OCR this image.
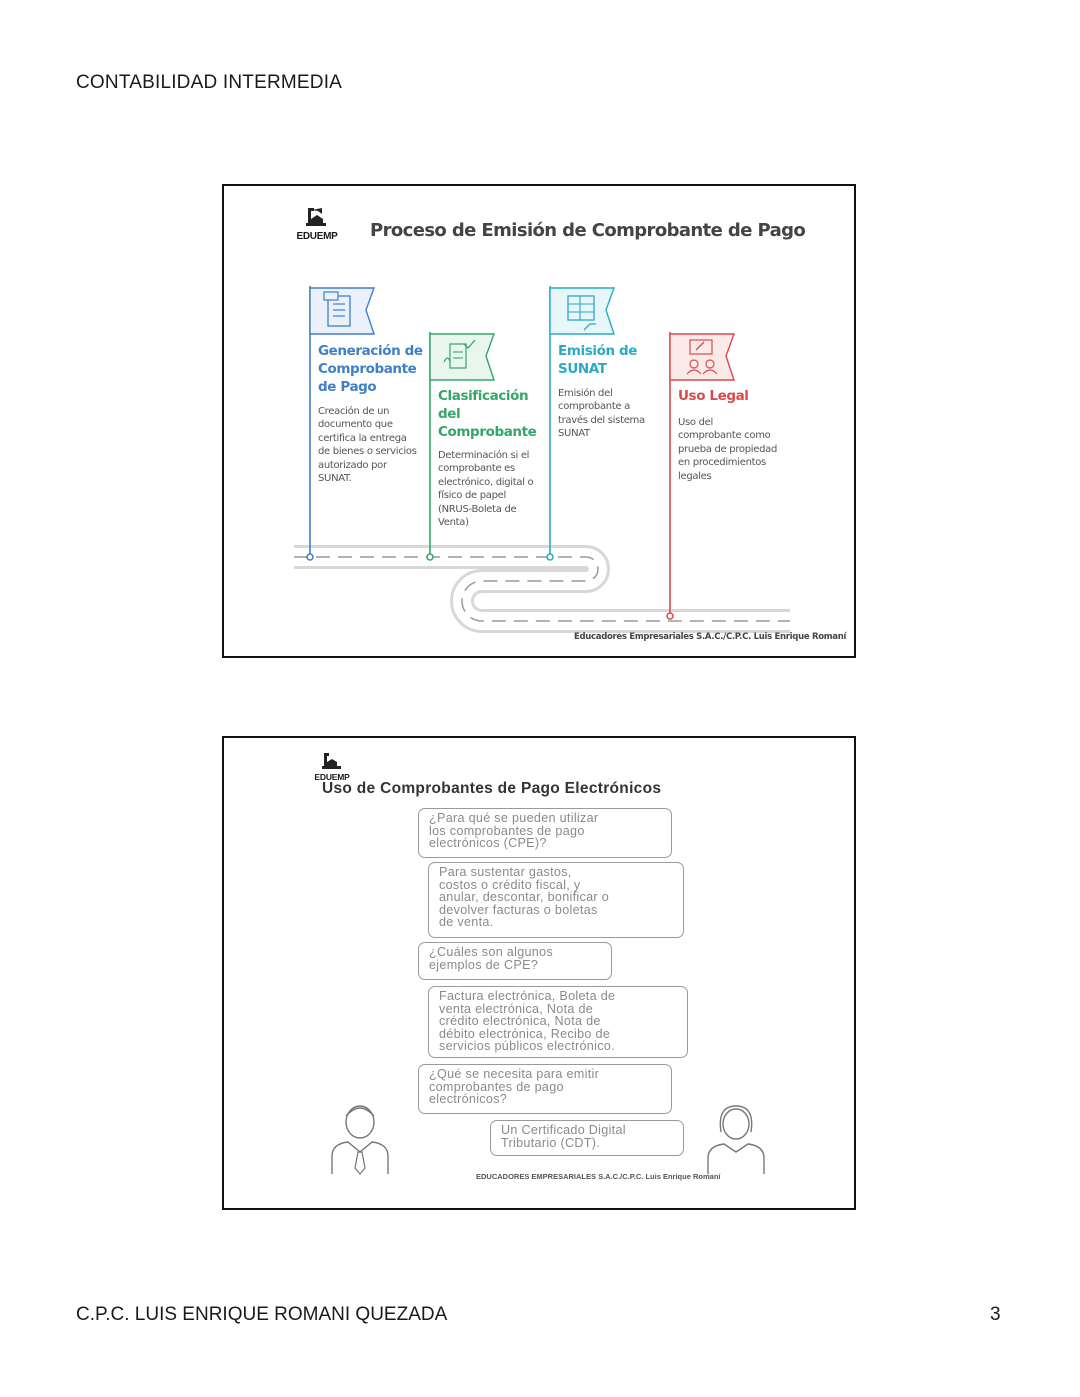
CONTABILIDAD INTERMEDIA
EDUEMP Proceso de Emisión de Comprobante de Pago
Generación de
Comprobante
de Pago
Creación de un
documento que
certifica la entrega
de bienes o servicios
autorizado por
SUNAT.
Clasificación
del
Comprobante
Determinación si el
comprobante es
electrónico, digital o
físico de papel
(NRUS-Boleta de
Venta)
Emisión de
SUNAT
Emisión del
comprobante a
través del sistema
SUNAT
Uso Legal
Uso del
comprobante como
prueba de propiedad
en procedimientos
legales
Educadores Empresariales S.A.C./C.P.C. Luis Enrique Romaní
EDUEMP
Uso de Comprobantes de Pago Electrónicos
¿Para qué se pueden utilizar
los comprobantes de pago
electrónicos (CPE)?
Para sustentar gastos,
costos o crédito fiscal, y
anular, descontar, bonificar o
devolver facturas o boletas
de venta.
¿Cuáles son algunos
ejemplos de CPE?
Factura electrónica, Boleta de
venta electrónica, Nota de
crédito electrónica, Nota de
débito electrónica, Recibo de
servicios públicos electrónico.
¿Qué se necesita para emitir
comprobantes de pago
electrónicos?
Un Certificado Digital
Tributario (CDT).
EDUCADORES EMPRESARIALES S.A.C./C.P.C. Luis Enrique Romaní
C.P.C. LUIS ENRIQUE ROMANI QUEZADA	3
